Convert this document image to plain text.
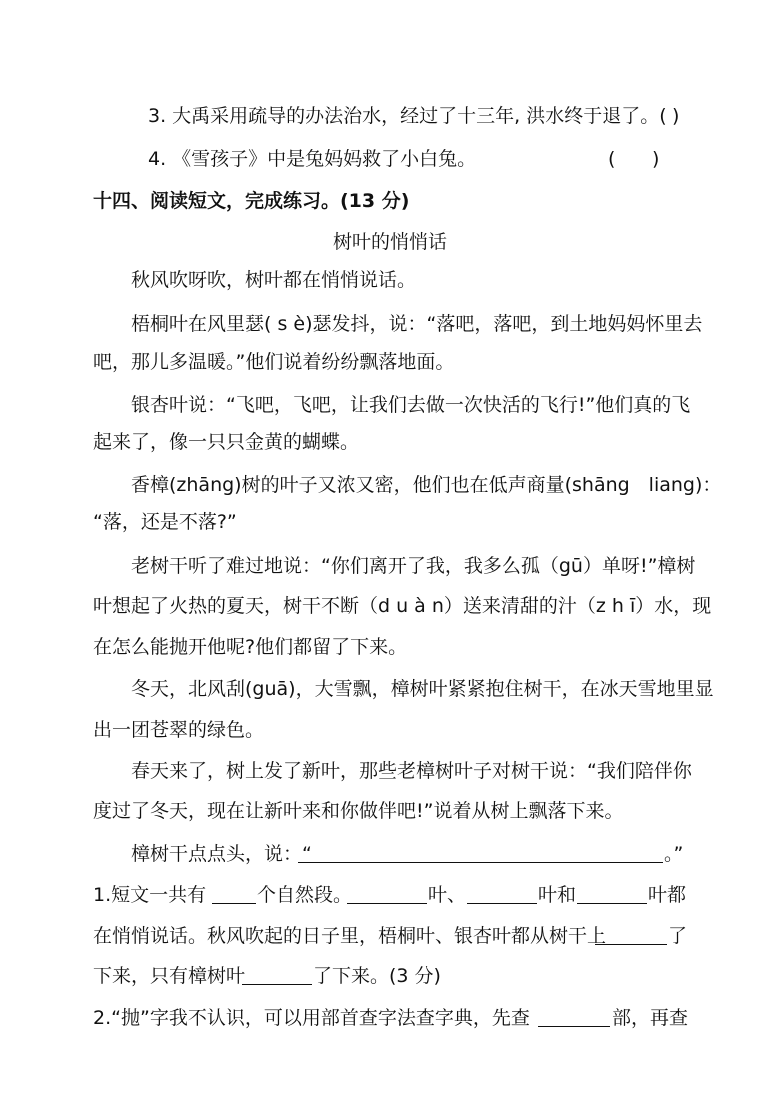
3. 大禹采用疏导的办法治水，经过了十三年, 洪水终于退了。( )
4. 《雪孩子》中是兔妈妈救了小白兔。	( )
十四、阅读短文，完成练习。(13 分)
树叶的悄悄话
秋风吹呀吹，树叶都在悄悄说话。
梧桐叶在风里瑟( s è)瑟发抖，说：“落吧，落吧，到土地妈妈怀里去
吧，那儿多温暖。”他们说着纷纷飘落地面。
银杏叶说：“飞吧，飞吧，让我们去做一次快活的飞行!”他们真的飞
起来了，像一只只金黄的蝴蝶。
香樟(zhāng)树的叶子又浓又密，他们也在低声商量(shāng　liang)：
“落，还是不落?”
老树干听了难过地说：“你们离开了我，我多么孤（gū）单呀!”樟树
叶想起了火热的夏天，树干不断（d u à n）送来清甜的汁（z h ī）水，现
在怎么能抛开他呢?他们都留了下来。
冬天，北风刮(guā)，大雪飘，樟树叶紧紧抱住树干，在冰天雪地里显
出一团苍翠的绿色。
春天来了，树上发了新叶，那些老樟树叶子对树干说：“我们陪伴你
度过了冬天，现在让新叶来和你做伴吧!”说着从树上飘落下来。
樟树干点点头，说：“	。”
1.短文一共有	个自然段。	叶、	叶和	叶都
在悄悄说话。秋风吹起的日子里，梧桐叶、银杏叶都从树干上	了
下来，只有樟树叶	了下来。(3 分)
2.“抛”字我不认识，可以用部首查字法查字典，先查	部，再查
